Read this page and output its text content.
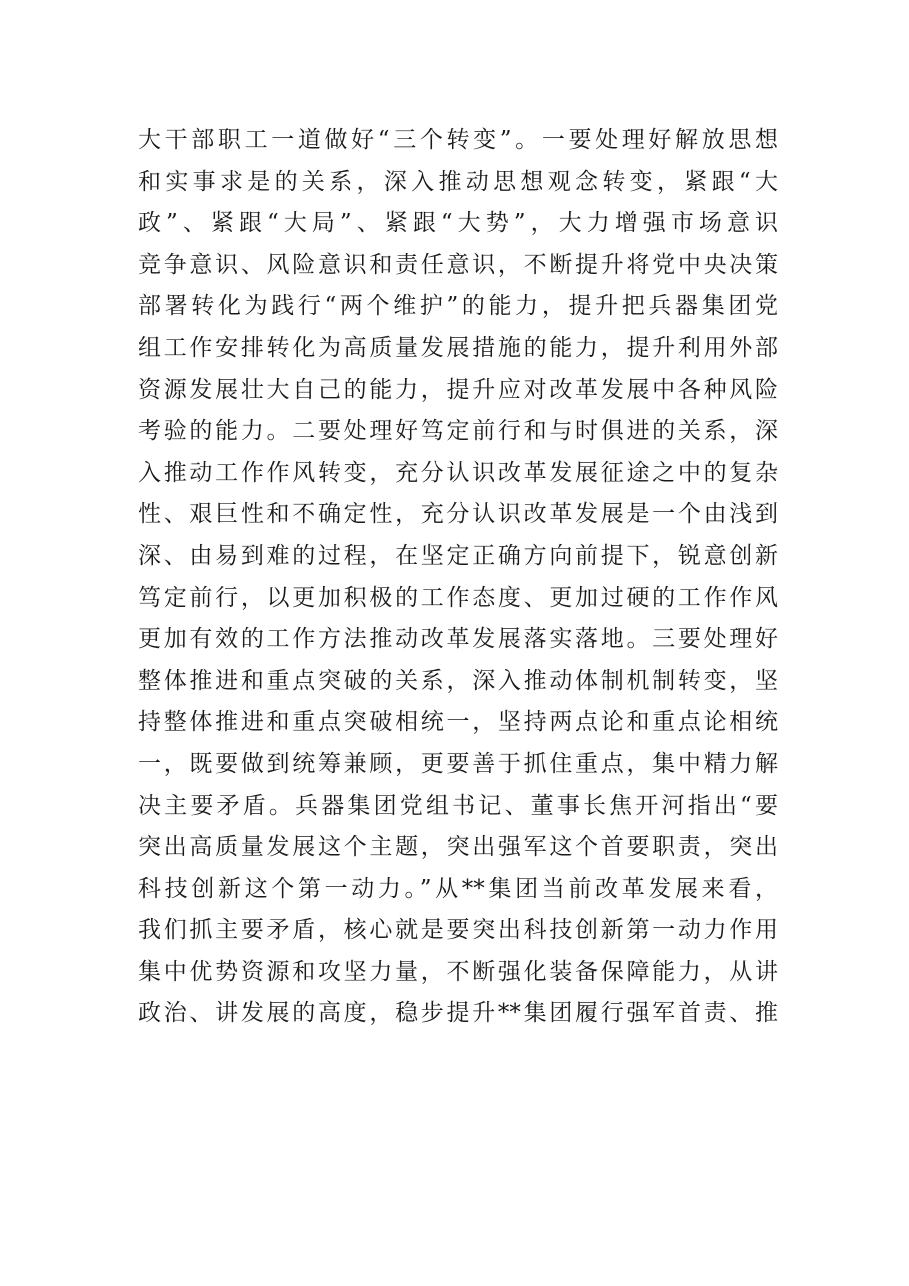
大干部职工一道做好“三个转变”。一要处理好解放思想
和实事求是的关系，深入推动思想观念转变，紧跟“大
政”、紧跟“大局”、紧跟“大势”，大力增强市场意识
竞争意识、风险意识和责任意识，不断提升将党中央决策
部署转化为践行“两个维护”的能力，提升把兵器集团党
组工作安排转化为高质量发展措施的能力，提升利用外部
资源发展壮大自己的能力，提升应对改革发展中各种风险
考验的能力。二要处理好笃定前行和与时俱进的关系，深
入推动工作作风转变，充分认识改革发展征途之中的复杂
性、艰巨性和不确定性，充分认识改革发展是一个由浅到
深、由易到难的过程，在坚定正确方向前提下，锐意创新
笃定前行，以更加积极的工作态度、更加过硬的工作作风
更加有效的工作方法推动改革发展落实落地。三要处理好
整体推进和重点突破的关系，深入推动体制机制转变，坚
持整体推进和重点突破相统一，坚持两点论和重点论相统
一，既要做到统筹兼顾，更要善于抓住重点，集中精力解
决主要矛盾。兵器集团党组书记、董事长焦开河指出“要
突出高质量发展这个主题，突出强军这个首要职责，突出
科技创新这个第一动力。”从**集团当前改革发展来看，
我们抓主要矛盾，核心就是要突出科技创新第一动力作用
集中优势资源和攻坚力量，不断强化装备保障能力，从讲
政治、讲发展的高度，稳步提升**集团履行强军首责、推
